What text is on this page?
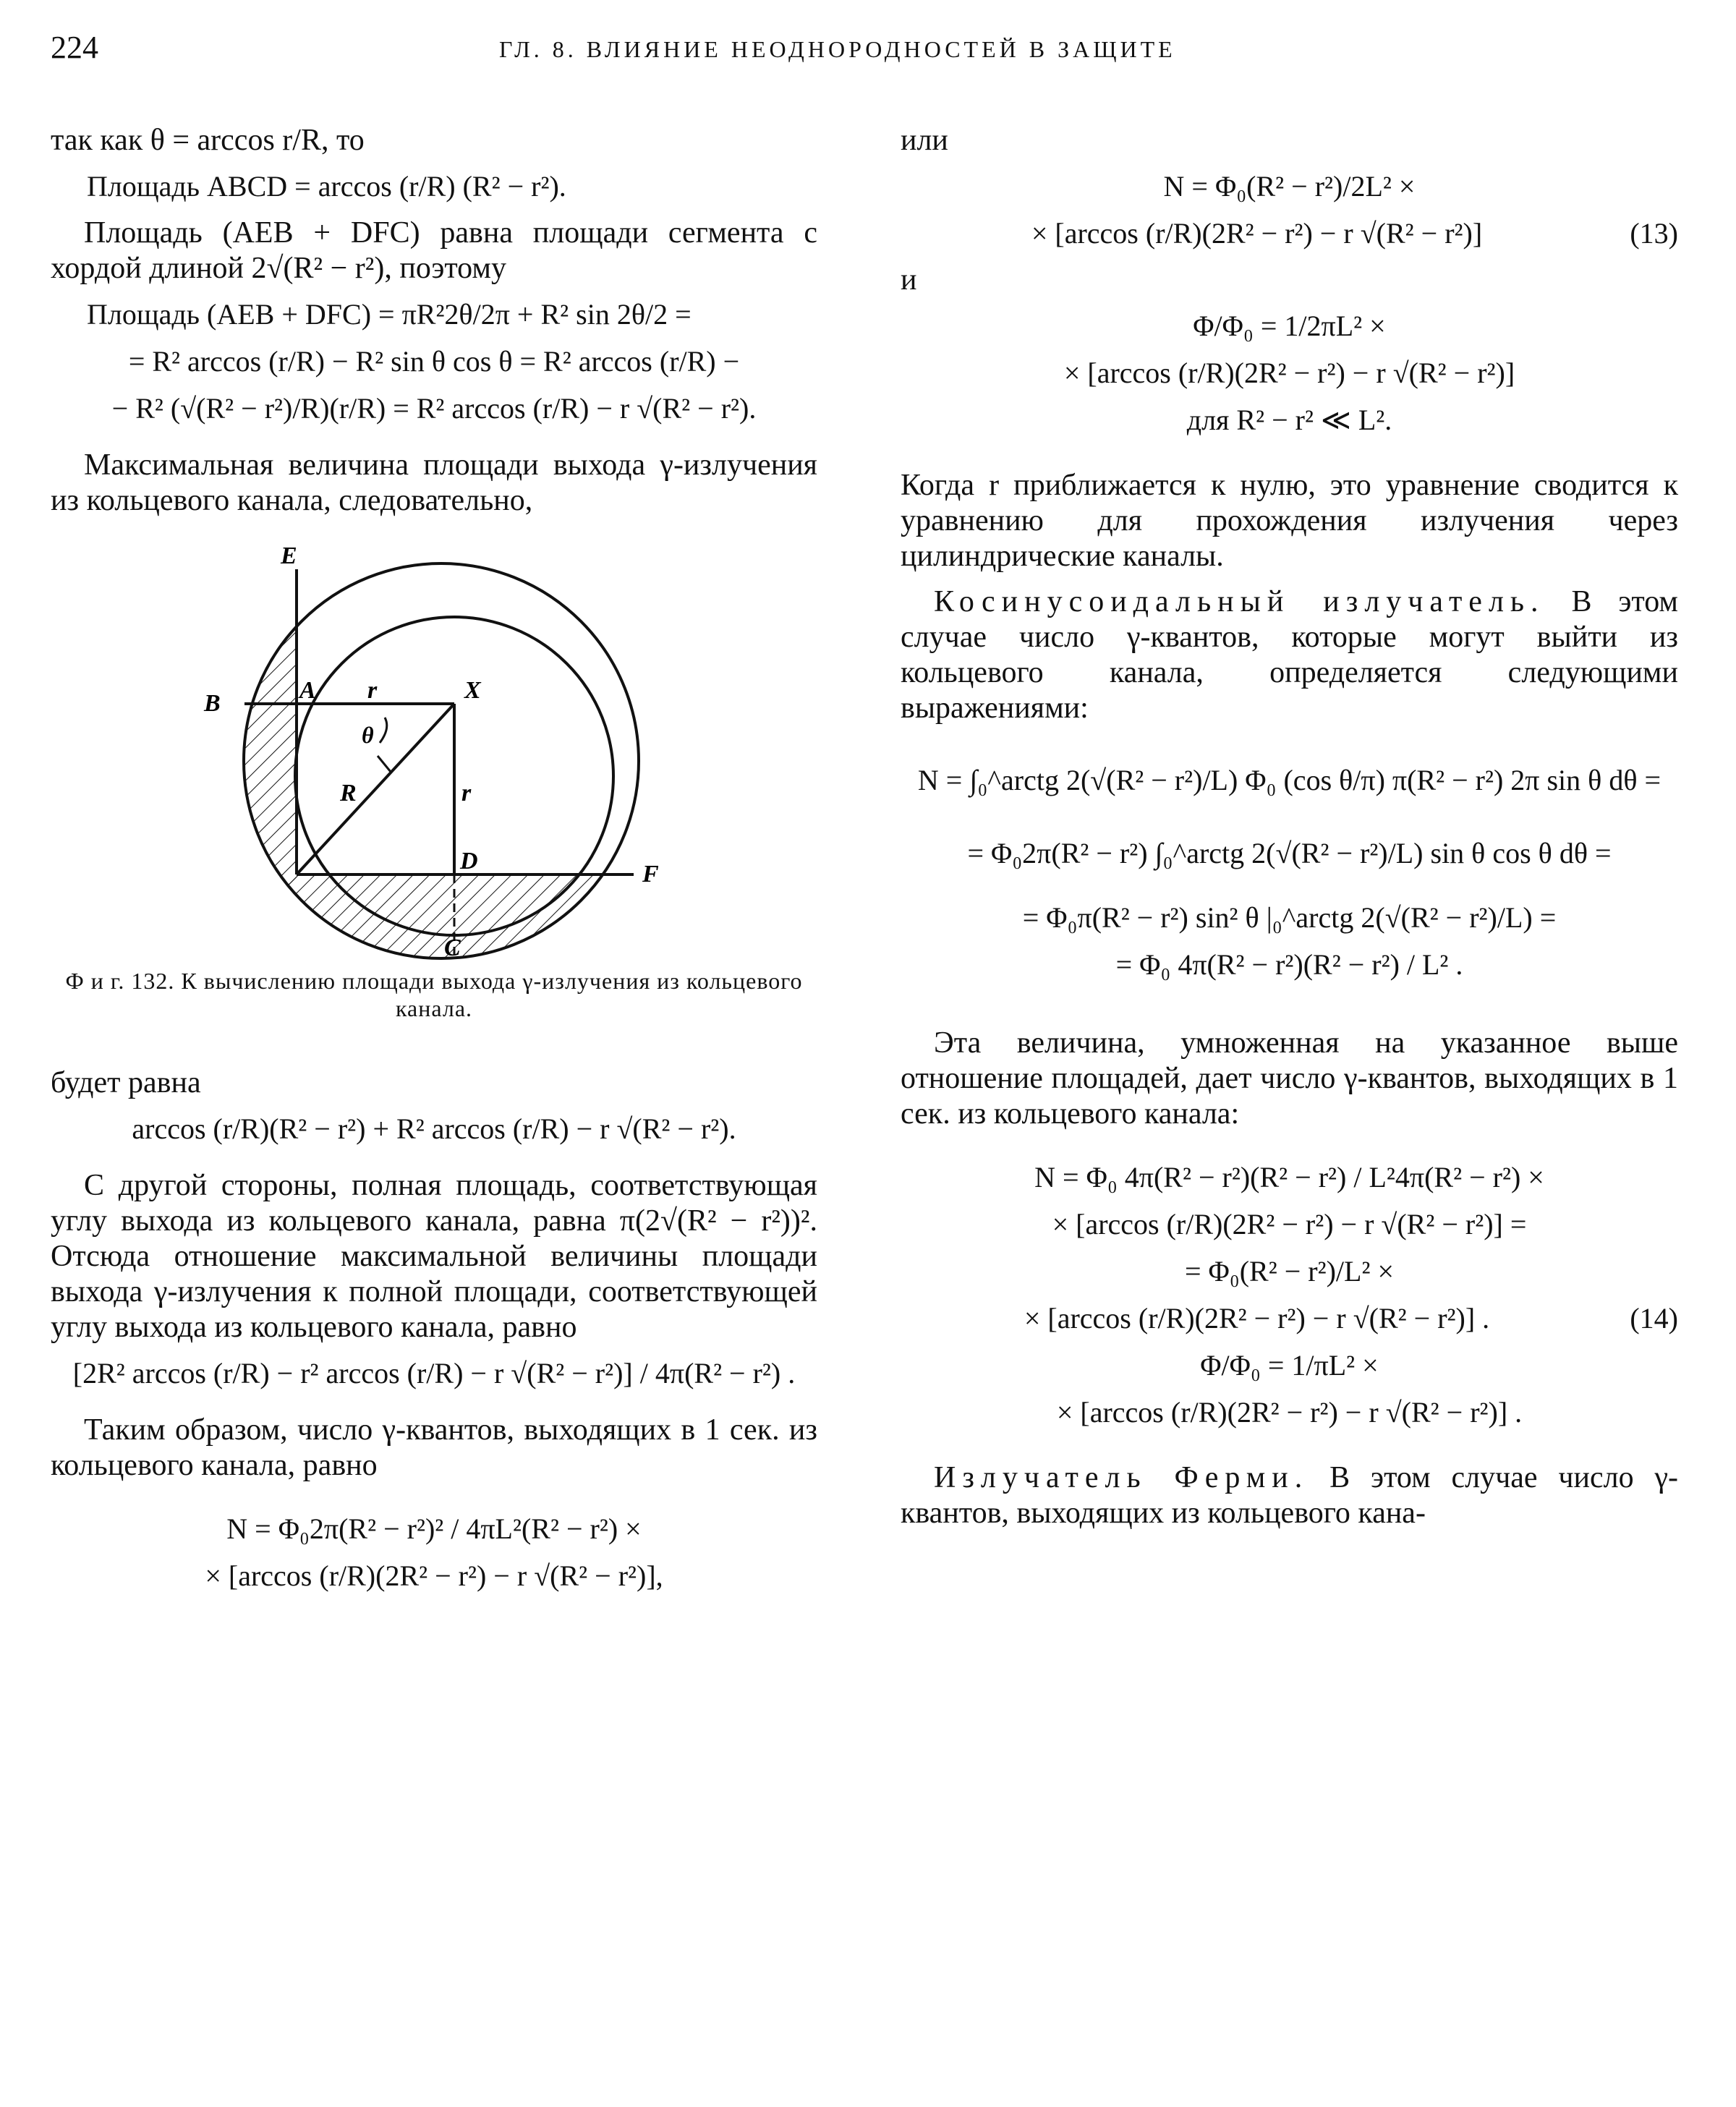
224	ГЛ. 8. ВЛИЯНИЕ НЕОДНОРОДНОСТЕЙ В ЗАЩИТЕ

так как θ = arccos r/R, то

Площадь ABCD = arccos (r/R) (R² − r²).

Площадь (AEB + DFC) равна площади сегмента с хордой длиной 2√(R² − r²), поэтому

Площадь (AEB + DFC) = πR²2θ/2π + R² sin 2θ/2 =
= R² arccos (r/R) − R² sin θ cos θ = R² arccos (r/R) −
− R² (√(R² − r²)/R)(r/R) = R² arccos (r/R) − r √(R² − r²).

Максимальная величина площади выхода γ-излучения из кольцевого канала, следовательно,

E
B	A r	X
θ
R	r
D	F
C

Ф и г. 132. К вычислению площади выхода γ-излучения из кольцевого канала.

будет равна

arccos (r/R)(R² − r²) + R² arccos (r/R) − r √(R² − r²).

С другой стороны, полная площадь, соответствующая углу выхода из кольцевого канала, равна π(2√(R² − r²))². Отсюда отношение максимальной величины площади выхода γ-излучения к полной площади, соответствующей углу выхода из кольцевого канала, равно

[2R² arccos (r/R) − r² arccos (r/R) − r √(R² − r²)] / 4π(R² − r²) .

Таким образом, число γ-квантов, выходящих в 1 сек. из кольцевого канала, равно

N = Φ₀2π(R² − r²)² / 4πL²(R² − r²) ×
× [arccos (r/R)(2R² − r²) − r √(R² − r²)],

или

N = Φ₀(R² − r²)/2L² ×
× [arccos (r/R)(2R² − r²) − r √(R² − r²)]	(13)

и

Φ/Φ₀ = 1/2πL² ×
× [arccos (r/R)(2R² − r²) − r √(R² − r²)]
для R² − r² ≪ L².

Когда r приближается к нулю, это уравнение сводится к уравнению для прохождения излучения через цилиндрические каналы.

Косинусоидальный излучатель. В этом случае число γ-квантов, которые могут выйти из кольцевого канала, определяется следующими выражениями:

N = ∫₀^arctg 2(√(R² − r²)/L) Φ₀ (cos θ/π) π(R² − r²) 2π sin θ dθ =
= Φ₀2π(R² − r²) ∫₀^arctg 2(√(R² − r²)/L) sin θ cos θ dθ =
= Φ₀π(R² − r²) sin² θ |₀^arctg 2(√(R² − r²)/L) =
= Φ₀ 4π(R² − r²)(R² − r²) / L² .

Эта величина, умноженная на указанное выше отношение площадей, дает число γ-квантов, выходящих в 1 сек. из кольцевого канала:

N = Φ₀ 4π(R² − r²)(R² − r²) / L²4π(R² − r²) ×
× [arccos (r/R)(2R² − r²) − r √(R² − r²)] =
= Φ₀(R² − r²)/L² ×
× [arccos (r/R)(2R² − r²) − r √(R² − r²)] .	(14)
Φ/Φ₀ = 1/πL² ×
× [arccos (r/R)(2R² − r²) − r √(R² − r²)] .

Излучатель Ферми. В этом случае число γ-квантов, выходящих из кольцевого кана-
